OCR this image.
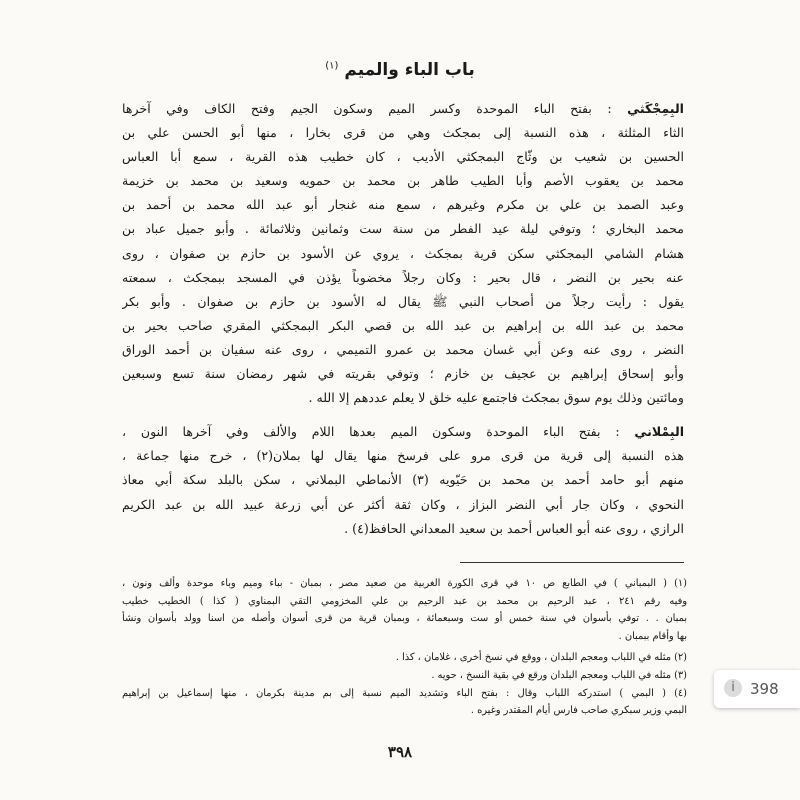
باب الباء والميم $^{(١)}$
البِمِجْكَثي : بفتح الباء الموحدة وكسر الميم وسكون الجيم وفتح الكاف وفي آخرها
الثاء المثلثة ، هذه النسبة إلى بمجكث وهي من قرى بخارا ، منها أبو الحسن علي بن
الحسين بن شعيب بن وثّاج البمجكثي الأديب ، كان خطيب هذه القرية ، سمع أبا العباس
محمد بن يعقوب الأصم وأبا الطيب طاهر بن محمد بن حمويه وسعيد بن محمد بن خزيمة
وعبد الصمد بن علي بن مكرم وغيرهم ، سمع منه غنجار أبو عبد الله محمد بن أحمد بن
محمد البخاري ؛ وتوفي ليلة عيد الفطر من سنة ست وثمانين وثلاثمائة . وأبو جميل عباد بن
هشام الشامي البمجكثي سكن قرية بمجكث ، يروي عن الأسود بن حازم بن صفوان ، روى
عنه بحير بن النضر ، قال بحير : وكان رجلاً مخضوباً يؤذن في المسجد ببمجكث ، سمعته
يقول : رأيت رجلاً من أصحاب النبي ﷺ يقال له الأسود بن حازم بن صفوان . وأبو بكر
محمد بن عبد الله بن إبراهيم بن عبد الله بن قصي البكر البمجكثي المقري صاحب بحير بن
النضر ، روى عنه وعن أبي غسان محمد بن عمرو التميمي ، روى عنه سفيان بن أحمد الوراق
وأبو إسحاق إبراهيم بن عجيف بن خازم ؛ وتوفي بقريته في شهر رمضان سنة تسع وسبعين
ومائتين وذلك يوم سوق بمجكث فاجتمع عليه خلق لا يعلم عددهم إلا الله .
البِمْلاني : بفتح الباء الموحدة وسكون الميم بعدها اللام والألف وفي آخرها النون ،
هذه النسبة إلى قرية من قرى مرو على فرسخ منها يقال لها بملان(٢) ، خرج منها جماعة ،
منهم أبو حامد أحمد بن محمد بن حَيّويه (٣) الأنماطي البملاني ، سكن بالبلد سكة أبي معاذ
النحوي ، وكان جار أبي النضر البزاز ، وكان ثقة أكثر عن أبي زرعة عبيد الله بن عبد الكريم
الرازي ، روى عنه أبو العباس أحمد بن سعيد المعداني الحافظ(٤) .
(١) ( البمباني ) في الطابع ص ١٠ في قرى الكورة الغربية من صعيد مصر ، بمبان - بباء وميم وباء موحدة وألف ونون ،
وفيه رقم ٢٤١ ، عبد الرحيم بن محمد بن عبد الرحيم بن علي المخزومي التقي البمناوي ( كذا ) الخطيب خطيب
بمبان . . توفي بأسوان في سنة خمس أو ست وسبعمائة ، وبمبان قرية من قرى أسوان وأصله من اسنا وولد بأسوان ونشأ
بها وأقام ببمبان .
(٢) مثله في اللباب ومعجم البلدان ، ووقع في نسخ أخرى ، غلامان ، كذا .
(٣) مثله في اللباب ومعجم البلدان ورقع في بقية النسخ ، حويه .
(٤) ( البمي ) استدركه اللباب وقال : بفتح الباء وتشديد الميم نسبة إلى بم مدينة بكرمان ، منها إسماعيل بن إبراهيم
البمي وزير سبكري صاحب فارس أيام المقتدر وغيره .
٣٩٨
i	398
